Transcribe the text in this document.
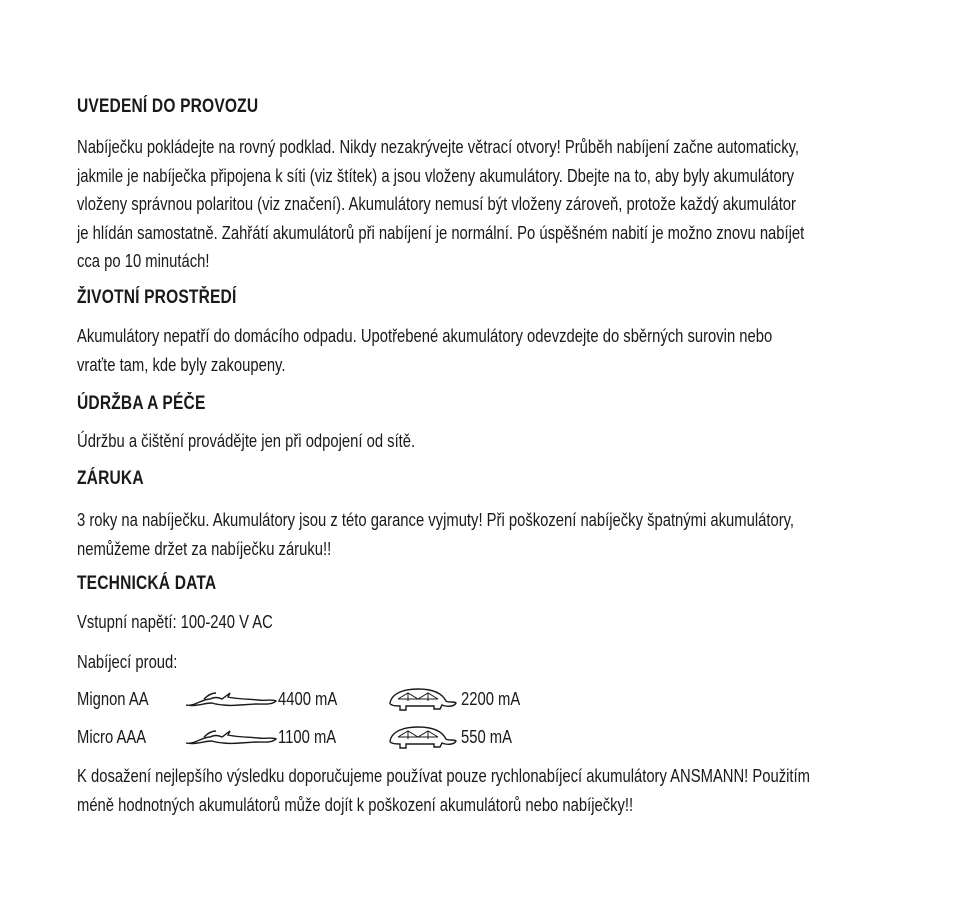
UVEDENÍ DO PROVOZU

Nabíječku pokládejte na rovný podklad. Nikdy nezakrývejte větrací otvory! Průběh nabíjení začne automaticky,
jakmile je nabíječka připojena k síti (viz štítek) a jsou vloženy akumulátory. Dbejte na to, aby byly akumulátory
vloženy správnou polaritou (viz značení). Akumulátory nemusí být vloženy zároveň, protože každý akumulátor
je hlídán samostatně. Zahřátí akumulátorů při nabíjení je normální. Po úspěšném nabití je možno znovu nabíjet
cca po 10 minutách!

ŽIVOTNÍ PROSTŘEDÍ

Akumulátory nepatří do domácího odpadu. Upotřebené akumulátory odevzdejte do sběrných surovin nebo
vraťte tam, kde byly zakoupeny.

ÚDRŽBA A PÉČE

Údržbu a čištění provádějte jen při odpojení od sítě.

ZÁRUKA

3 roky na nabíječku. Akumulátory jsou z této garance vyjmuty! Při poškození nabíječky špatnými akumulátory,
nemůžeme držet za nabíječku záruku!!

TECHNICKÁ DATA

Vstupní napětí: 100-240 V AC

Nabíjecí proud:

Mignon AA	4400 mA	2200 mA
Micro AAA	1100 mA	550 mA

K dosažení nejlepšího výsledku doporučujeme používat pouze rychlonabíjecí akumulátory ANSMANN! Použitím
méně hodnotných akumulátorů může dojít k poškození akumulátorů nebo nabíječky!!
